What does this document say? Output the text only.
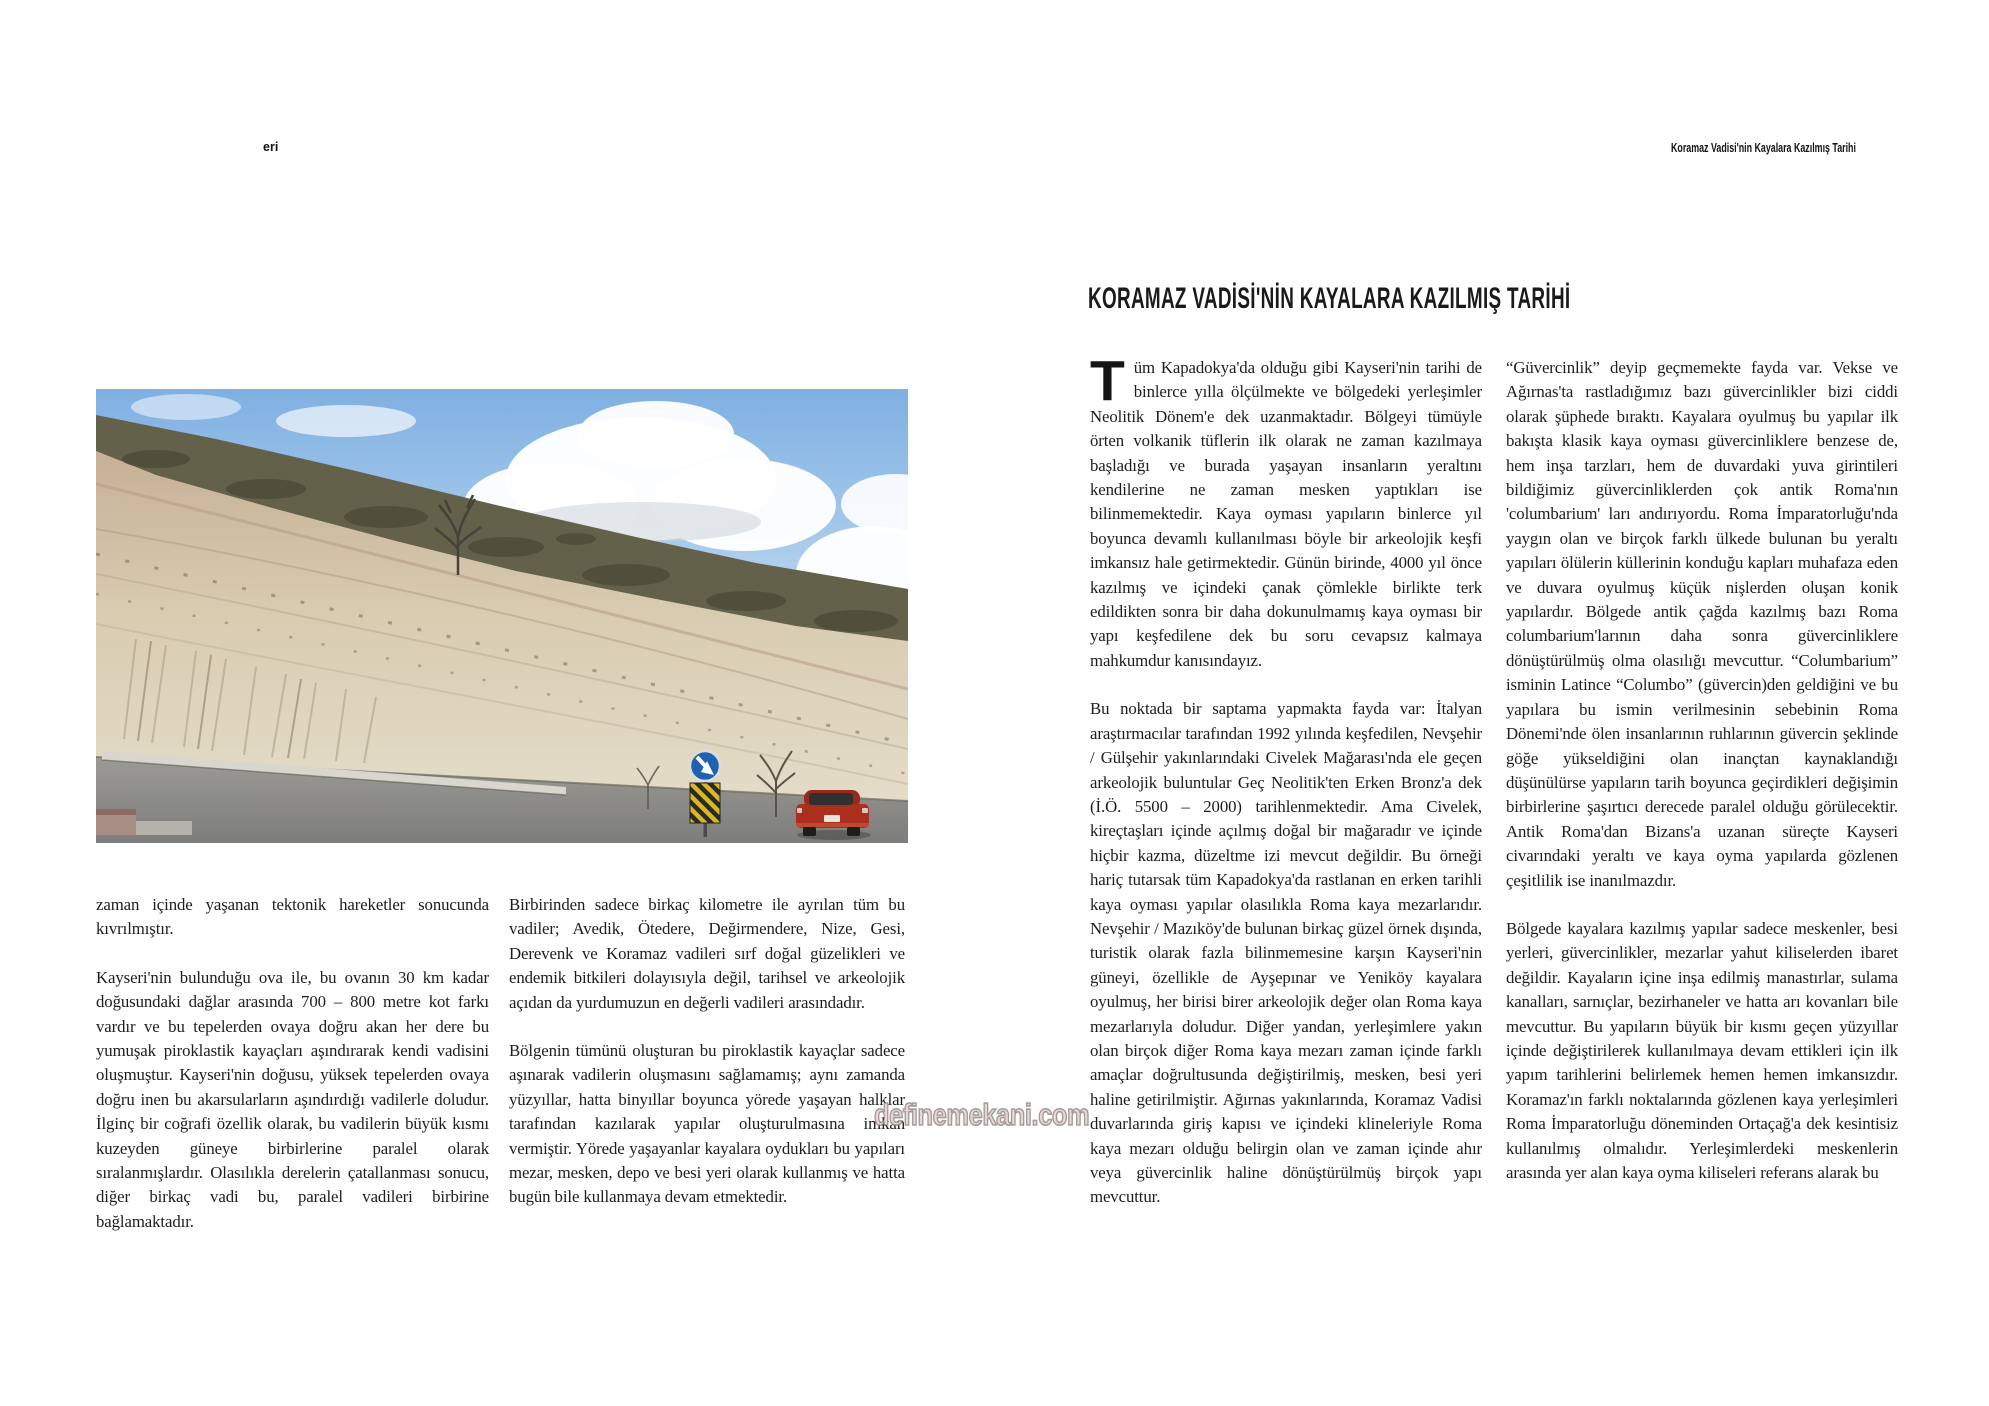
eri	Koramaz Vadisi'nin Kayalara Kazılmış Tarihi

zaman içinde yaşanan tektonik hareketler sonucunda kıvrılmıştır.

Kayseri'nin bulunduğu ova ile, bu ovanın 30 km kadar doğusundaki dağlar arasında 700 – 800 metre kot farkı vardır ve bu tepelerden ovaya doğru akan her dere bu yumuşak piroklastik kayaçları aşındırarak kendi vadisini oluşmuştur. Kayseri'nin doğusu, yüksek tepelerden ovaya doğru inen bu akarsularların aşındırdığı vadilerle doludur. İlginç bir coğrafi özellik olarak, bu vadilerin büyük kısmı kuzeyden güneye birbirlerine paralel olarak sıralanmışlardır. Olasılıkla derelerin çatallanması sonucu, diğer birkaç vadi bu, paralel vadileri birbirine bağlamaktadır.

Birbirinden sadece birkaç kilometre ile ayrılan tüm bu vadiler; Avedik, Ötedere, Değirmendere, Nize, Gesi, Derevenk ve Koramaz vadileri sırf doğal güzelikleri ve endemik bitkileri dolayısıyla değil, tarihsel ve arkeolojik açıdan da yurdumuzun en değerli vadileri arasındadır.

Bölgenin tümünü oluşturan bu piroklastik kayaçlar sadece aşınarak vadilerin oluşmasını sağlamamış; aynı zamanda yüzyıllar, hatta binyıllar boyunca yörede yaşayan halklar tarafından kazılarak yapılar oluşturulmasına imkan vermiştir. Yörede yaşayanlar kayalara oydukları bu yapıları mezar, mesken, depo ve besi yeri olarak kullanmış ve hatta bugün bile kullanmaya devam etmektedir.

KORAMAZ VADİSİ'NİN KAYALARA KAZILMIŞ TARİHİ

Tüm Kapadokya'da olduğu gibi Kayseri'nin tarihi de binlerce yılla ölçülmekte ve bölgedeki yerleşimler Neolitik Dönem'e dek uzanmaktadır. Bölgeyi tümüyle örten volkanik tüflerin ilk olarak ne zaman kazılmaya başladığı ve burada yaşayan insanların yeraltını kendilerine ne zaman mesken yaptıkları ise bilinmemektedir. Kaya oyması yapıların binlerce yıl boyunca devamlı kullanılması böyle bir arkeolojik keşfi imkansız hale getirmektedir. Günün birinde, 4000 yıl önce kazılmış ve içindeki çanak çömlekle birlikte terk edildikten sonra bir daha dokunulmamış kaya oyması bir yapı keşfedilene dek bu soru cevapsız kalmaya mahkumdur kanısındayız.

Bu noktada bir saptama yapmakta fayda var: İtalyan araştırmacılar tarafından 1992 yılında keşfedilen, Nevşehir / Gülşehir yakınlarındaki Civelek Mağarası'nda ele geçen arkeolojik buluntular Geç Neolitik'ten Erken Bronz'a dek (İ.Ö. 5500 – 2000) tarihlenmektedir. Ama Civelek, kireçtaşları içinde açılmış doğal bir mağaradır ve içinde hiçbir kazma, düzeltme izi mevcut değildir. Bu örneği hariç tutarsak tüm Kapadokya'da rastlanan en erken tarihli kaya oyması yapılar olasılıkla Roma kaya mezarlarıdır. Nevşehir / Mazıköy'de bulunan birkaç güzel örnek dışında, turistik olarak fazla bilinmemesine karşın Kayseri'nin güneyi, özellikle de Ayşepınar ve Yeniköy kayalara oyulmuş, her birisi birer arkeolojik değer olan Roma kaya mezarlarıyla doludur. Diğer yandan, yerleşimlere yakın olan birçok diğer Roma kaya mezarı zaman içinde farklı amaçlar doğrultusunda değiştirilmiş, mesken, besi yeri haline getirilmiştir. Ağırnas yakınlarında, Koramaz Vadisi duvarlarında giriş kapısı ve içindeki klineleriyle Roma kaya mezarı olduğu belirgin olan ve zaman içinde ahır veya güvercinlik haline dönüştürülmüş birçok yapı mevcuttur.

“Güvercinlik” deyip geçmemekte fayda var. Vekse ve Ağırnas'ta rastladığımız bazı güvercinlikler bizi ciddi olarak şüphede bıraktı. Kayalara oyulmuş bu yapılar ilk bakışta klasik kaya oyması güvercinliklere benzese de, hem inşa tarzları, hem de duvardaki yuva girintileri bildiğimiz güvercinliklerden çok antik Roma'nın 'columbarium' ları andırıyordu. Roma İmparatorluğu'nda yaygın olan ve birçok farklı ülkede bulunan bu yeraltı yapıları ölülerin küllerinin konduğu kapları muhafaza eden ve duvara oyulmuş küçük nişlerden oluşan konik yapılardır. Bölgede antik çağda kazılmış bazı Roma columbarium'larının daha sonra güvercinliklere dönüştürülmüş olma olasılığı mevcuttur. “Columbarium” isminin Latince “Columbo” (güvercin)den geldiğini ve bu yapılara bu ismin verilmesinin sebebinin Roma Dönemi'nde ölen insanlarının ruhlarının güvercin şeklinde göğe yükseldiğini olan inançtan kaynaklandığı düşünülürse yapıların tarih boyunca geçirdikleri değişimin birbirlerine şaşırtıcı derecede paralel olduğu görülecektir. Antik Roma'dan Bizans'a uzanan süreçte Kayseri civarındaki yeraltı ve kaya oyma yapılarda gözlenen çeşitlilik ise inanılmazdır.

Bölgede kayalara kazılmış yapılar sadece meskenler, besi yerleri, güvercinlikler, mezarlar yahut kiliselerden ibaret değildir. Kayaların içine inşa edilmiş manastırlar, sulama kanalları, sarnıçlar, bezirhaneler ve hatta arı kovanları bile mevcuttur. Bu yapıların büyük bir kısmı geçen yüzyıllar içinde değiştirilerek kullanılmaya devam ettikleri için ilk yapım tarihlerini belirlemek hemen hemen imkansızdır. Koramaz'ın farklı noktalarında gözlenen kaya yerleşimleri Roma İmparatorluğu döneminden Ortaçağ'a dek kesintisiz kullanılmış olmalıdır. Yerleşimlerdeki meskenlerin arasında yer alan kaya oyma kiliseleri referans alarak bu

definemekani.com
